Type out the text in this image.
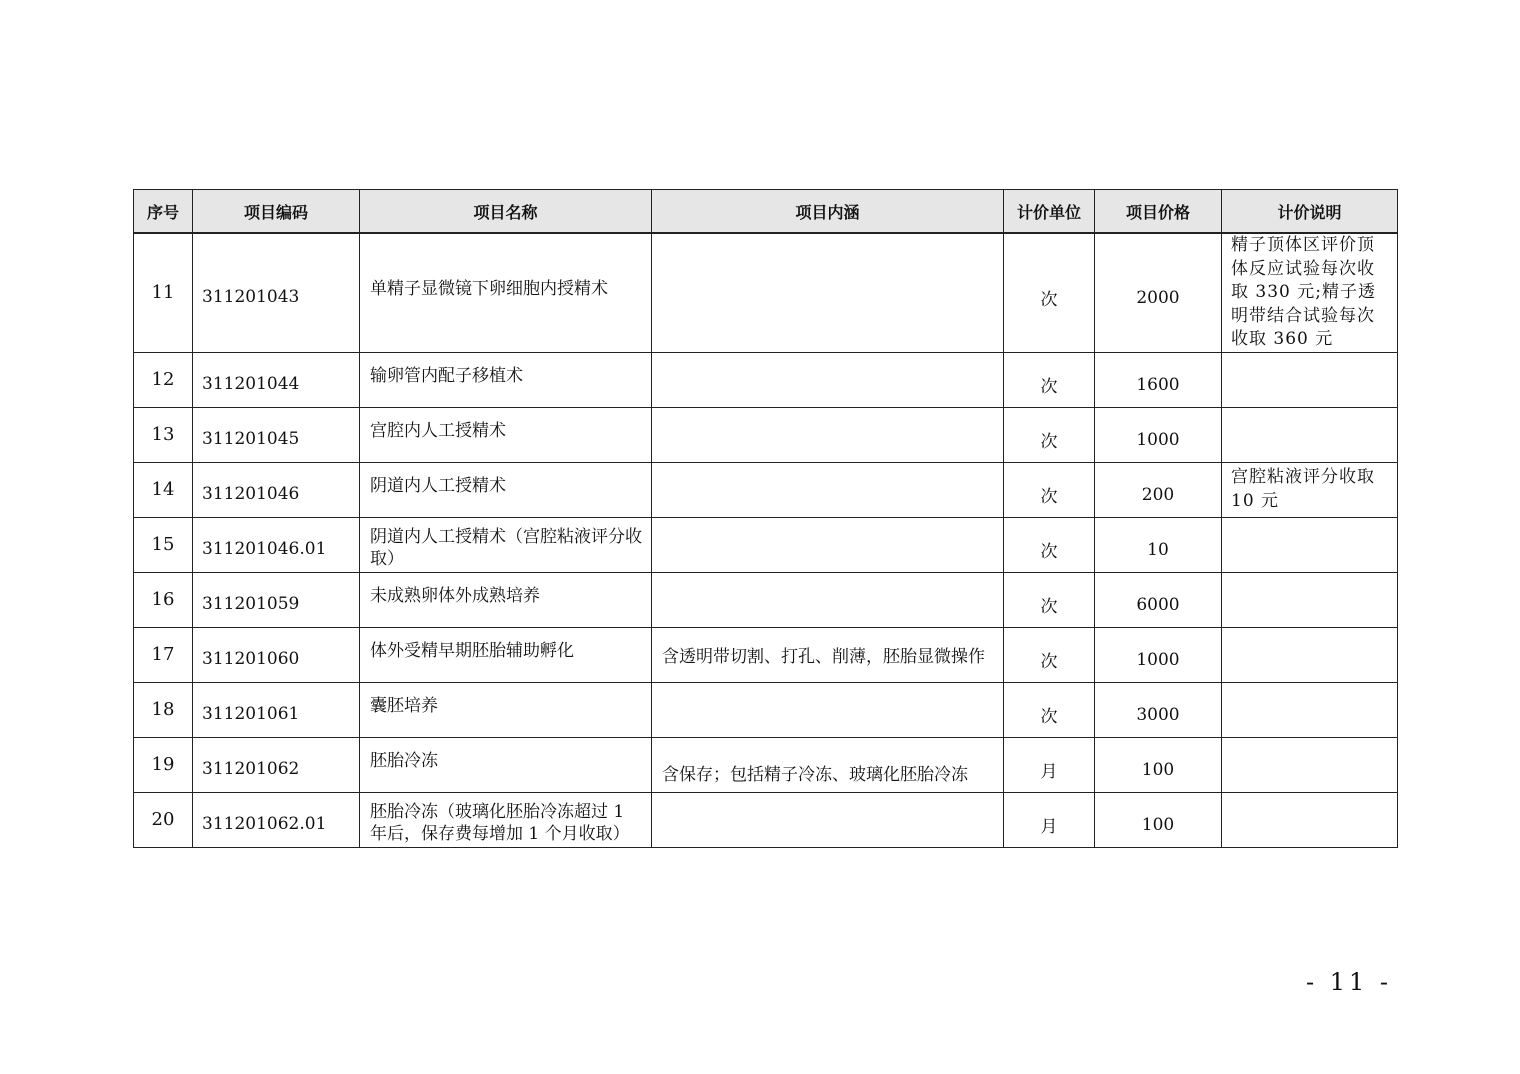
序号	项目编码	项目名称	项目内涵	计价单位	项目价格	计价说明
11	311201043	单精子显微镜下卵细胞内授精术		次	2000	精子顶体区评价顶体反应试验每次收取 330 元;精子透明带结合试验每次收取 360 元
12	311201044	输卵管内配子移植术		次	1600	
13	311201045	宫腔内人工授精术		次	1000	
14	311201046	阴道内人工授精术		次	200	宫腔粘液评分收取 10 元
15	311201046.01	阴道内人工授精术（宫腔粘液评分收取）		次	10	
16	311201059	未成熟卵体外成熟培养		次	6000	
17	311201060	体外受精早期胚胎辅助孵化	含透明带切割、打孔、削薄，胚胎显微操作	次	1000	
18	311201061	囊胚培养		次	3000	
19	311201062	胚胎冷冻	含保存；包括精子冷冻、玻璃化胚胎冷冻	月	100	
20	311201062.01	胚胎冷冻（玻璃化胚胎冷冻超过 1 年后，保存费每增加 1 个月收取）		月	100	
- 11 -
